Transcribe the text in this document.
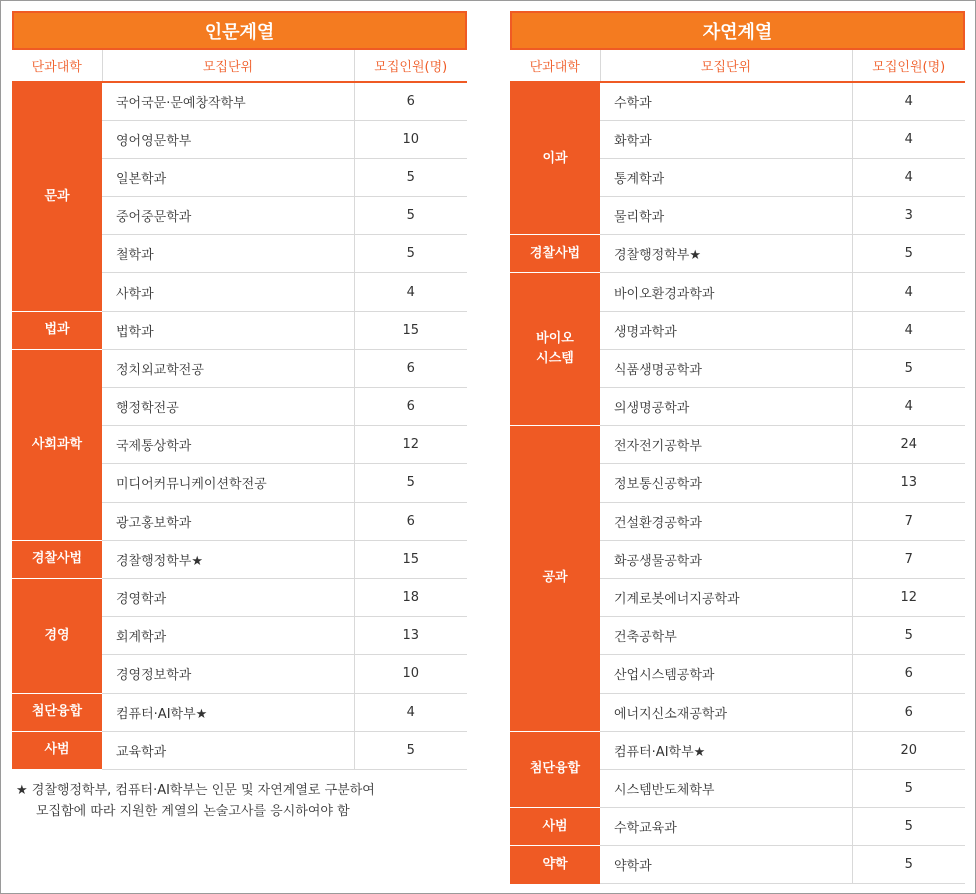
인문계열
단과대학	모집단위	모집인원(명)
문과	국어국문·문예창작학부	6
	영어영문학부	10
	일본학과	5
	중어중문학과	5
	철학과	5
	사학과	4
법과	법학과	15
사회과학	정치외교학전공	6
	행정학전공	6
	국제통상학과	12
	미디어커뮤니케이션학전공	5
	광고홍보학과	6
경찰사법	경찰행정학부★	15
경영	경영학과	18
	회계학과	13
	경영정보학과	10
첨단융합	컴퓨터·AI학부★	4
사범	교육학과	5
자연계열
단과대학	모집단위	모집인원(명)
이과	수학과	4
	화학과	4
	통계학과	4
	물리학과	3
경찰사법	경찰행정학부★	5
바이오
시스템	바이오환경과학과	4
	생명과학과	4
	식품생명공학과	5
	의생명공학과	4
공과	전자전기공학부	24
	정보통신공학과	13
	건설환경공학과	7
	화공생물공학과	7
	기계로봇에너지공학과	12
	건축공학부	5
	산업시스템공학과	6
	에너지신소재공학과	6
첨단융합	컴퓨터·AI학부★	20
	시스템반도체학부	5
사범	수학교육과	5
약학	약학과	5
★ 경찰행정학부, 컴퓨터·AI학부는 인문 및 자연계열로 구분하여
모집함에 따라 지원한 계열의 논술고사를 응시하여야 함
